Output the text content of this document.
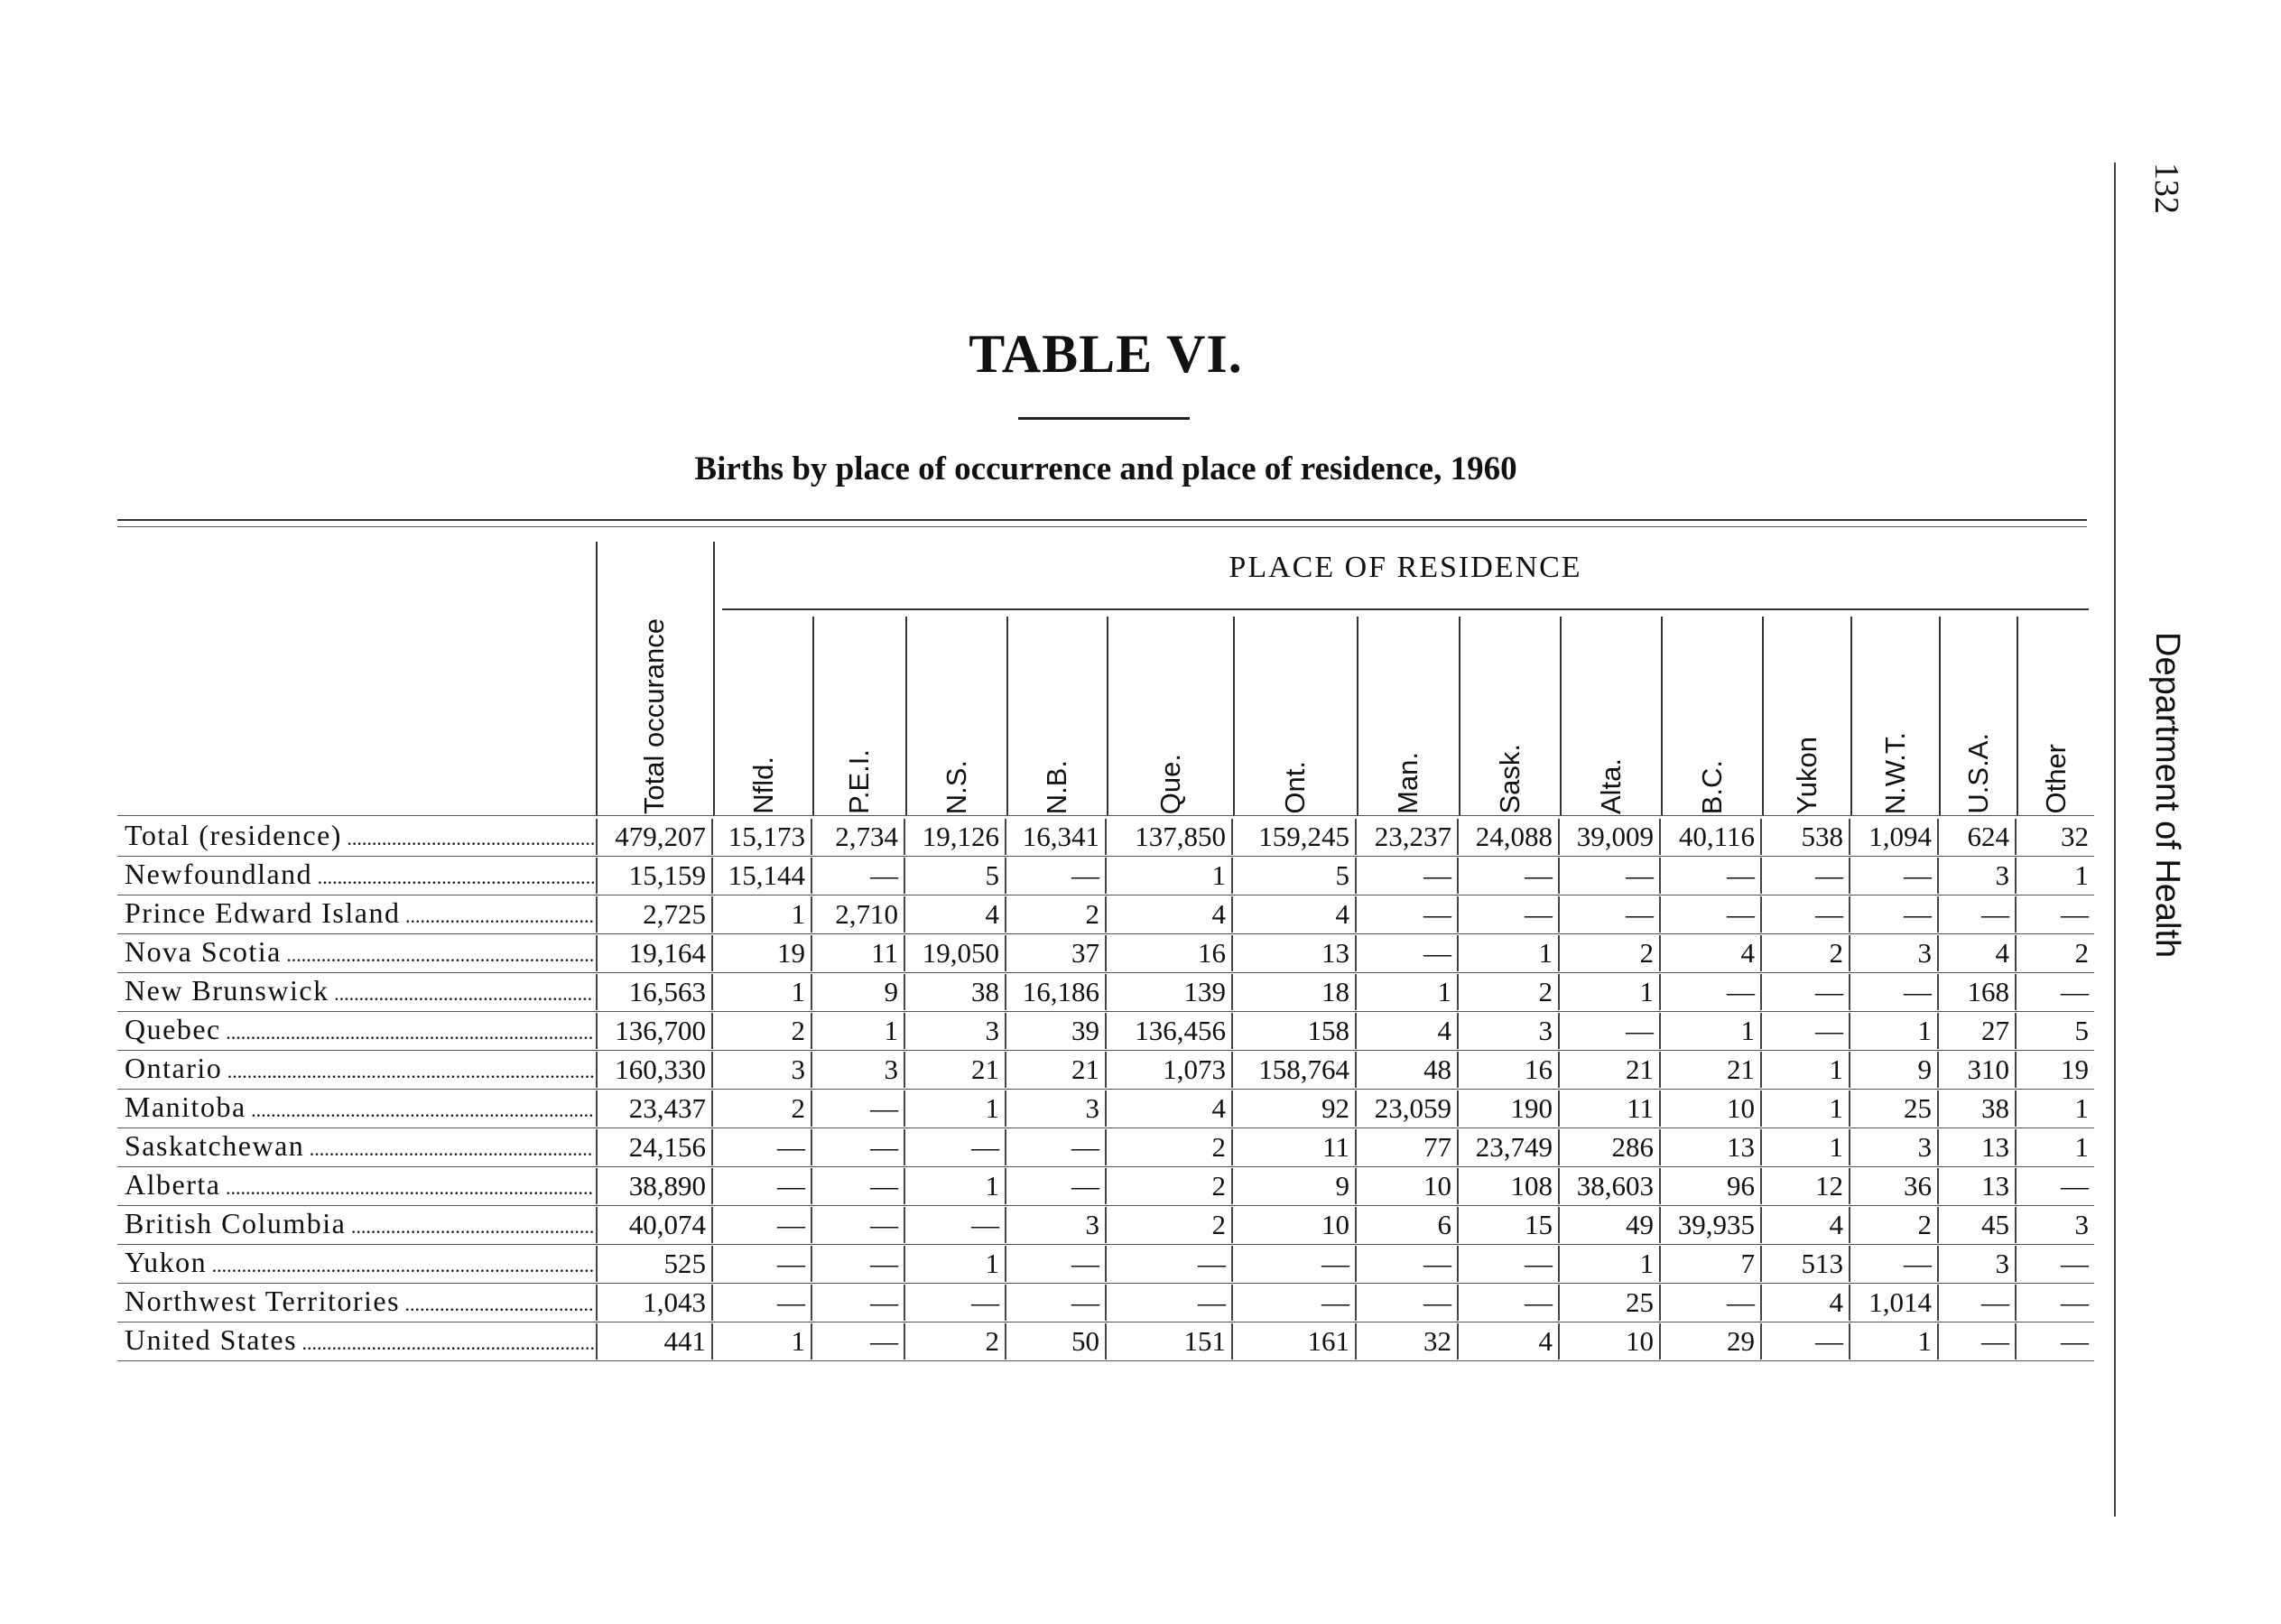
132
Department of Health
TABLE VI.
Births by place of occurrence and place of residence, 1960
PLACE OF RESIDENCE
Total occurance	Nfld. P.E.I. N.S. N.B.	Que.	Ont.	Man.	Sask. Alta. B.C. Yukon N.W.T. U.S.A. Other
Total (residence) .....	479,207 15,173	2,734 19,126 16,341	137,850	159,245 23,237 24,088 39,009 40,116	538 1,094	624	32
Newfoundland .....	15,159 15,144	—	5	—	1	5	—	—	—	—	—	—	3	1
Prince Edward Island .....	2,725	1	2,710	4	2	4	4	—	—	—	—	—	—	—	—
Nova Scotia .....	19,164	19	11 19,050	37	16	13	—	1	2	4	2	3	4	2
New Brunswick .....	16,563	1	9	38 16,186	139	18	1	2	1	—	—	—	168	—
Quebec .....	136,700	2	1	3	39	136,456	158	4	3	—	1	—	1	27	5
Ontario .....	160,330	3	3	21	21	1,073	158,764	48	16	21	21	1	9	310	19
Manitoba .....	23,437	2	—	1	3	4	92 23,059	190	11	10	1	25	38	1
Saskatchewan .....	24,156	—	—	—	—	2	11	77 23,749	286	13	1	3	13	1
Alberta .....	38,890	—	—	1	—	2	9	10	108 38,603	96	12	36	13	—
British Columbia .....	40,074	—	—	—	3	2	10	6	15	49 39,935	4	2	45	3
Yukon .....	525	—	—	1	—	—	—	—	—	1	7	513	—	3	—
Northwest Territories .....	1,043	—	—	—	—	—	—	—	—	25	—	4 1,014	—	—
United States .....	441	1	—	2	50	151	161	32	4	10	29	—	1	—	—
